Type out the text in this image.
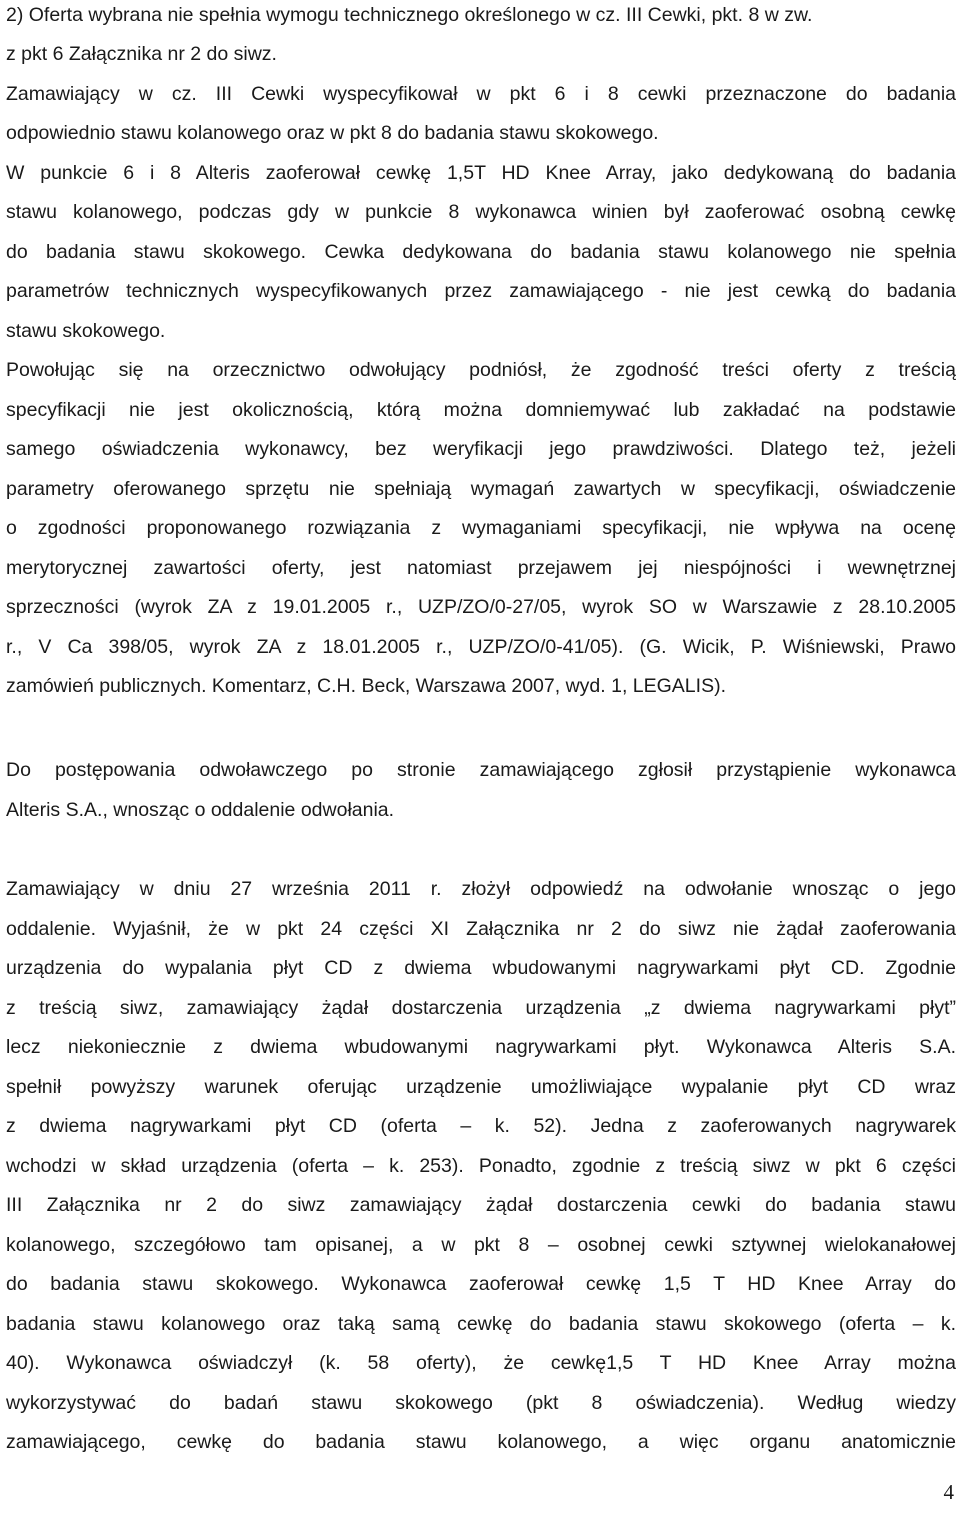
2) Oferta wybrana nie spełnia wymogu technicznego określonego w cz. III Cewki, pkt. 8 w zw.
z pkt 6 Załącznika nr 2 do siwz.
Zamawiający w cz. III Cewki wyspecyfikował w pkt 6 i 8 cewki przeznaczone do badania
odpowiednio stawu kolanowego oraz w pkt 8 do badania stawu skokowego.
W punkcie 6 i 8 Alteris zaoferował cewkę 1,5T HD Knee Array, jako dedykowaną do badania
stawu kolanowego, podczas gdy w punkcie 8 wykonawca winien był zaoferować osobną cewkę
do badania stawu skokowego. Cewka dedykowana do badania stawu kolanowego nie spełnia
parametrów technicznych wyspecyfikowanych przez zamawiającego - nie jest cewką do badania
stawu skokowego.
Powołując się na orzecznictwo odwołujący podniósł, że zgodność treści oferty z treścią
specyfikacji nie jest okolicznością, którą można domniemywać lub zakładać na podstawie
samego oświadczenia wykonawcy, bez weryfikacji jego prawdziwości. Dlatego też, jeżeli
parametry oferowanego sprzętu nie spełniają wymagań zawartych w specyfikacji, oświadczenie
o zgodności proponowanego rozwiązania z wymaganiami specyfikacji, nie wpływa na ocenę
merytorycznej zawartości oferty, jest natomiast przejawem jej niespójności i wewnętrznej
sprzeczności (wyrok ZA z 19.01.2005 r., UZP/ZO/0-27/05, wyrok SO w Warszawie z 28.10.2005
r., V Ca 398/05, wyrok ZA z 18.01.2005 r., UZP/ZO/0-41/05). (G. Wicik, P. Wiśniewski, Prawo
zamówień publicznych. Komentarz, C.H. Beck, Warszawa 2007, wyd. 1, LEGALIS).
Do postępowania odwoławczego po stronie zamawiającego zgłosił przystąpienie wykonawca
Alteris S.A., wnosząc o oddalenie odwołania.
Zamawiający w dniu 27 września 2011 r. złożył odpowiedź na odwołanie wnosząc o jego
oddalenie. Wyjaśnił, że w pkt 24 części XI Załącznika nr 2 do siwz nie żądał zaoferowania
urządzenia do wypalania płyt CD z dwiema wbudowanymi nagrywarkami płyt CD. Zgodnie
z treścią siwz, zamawiający żądał dostarczenia urządzenia „z dwiema nagrywarkami płyt”
lecz niekoniecznie z dwiema wbudowanymi nagrywarkami płyt. Wykonawca Alteris S.A.
spełnił powyższy warunek oferując urządzenie umożliwiające wypalanie płyt CD wraz
z dwiema nagrywarkami płyt CD (oferta – k. 52). Jedna z zaoferowanych nagrywarek
wchodzi w skład urządzenia (oferta – k. 253). Ponadto, zgodnie z treścią siwz w pkt 6 części
III Załącznika nr 2 do siwz zamawiający żądał dostarczenia cewki do badania stawu
kolanowego, szczegółowo tam opisanej, a w pkt 8 – osobnej cewki sztywnej wielokanałowej
do badania stawu skokowego. Wykonawca zaoferował cewkę 1,5 T HD Knee Array do
badania stawu kolanowego oraz taką samą cewkę do badania stawu skokowego (oferta – k.
40). Wykonawca oświadczył (k. 58 oferty), że cewkę1,5 T HD Knee Array można
wykorzystywać do badań stawu skokowego (pkt 8 oświadczenia). Według wiedzy
zamawiającego, cewkę do badania stawu kolanowego, a więc organu anatomicznie
4
